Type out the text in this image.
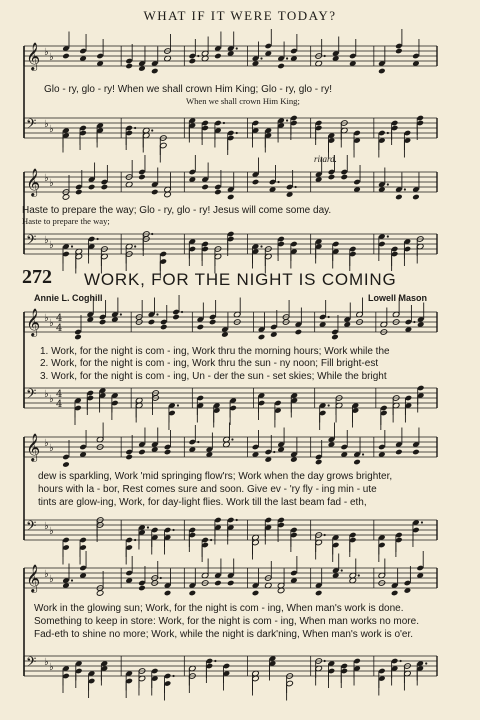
WHAT IF IT WERE TODAY?
𝄞 ♭ ♭
𝄢 ♭ ♭
𝄞 ♭ ♭
𝄢 ♭ ♭
𝄞 ♭ ♭ 4
4
𝄢 ♭ ♭ 4
4
𝄞 ♭ ♭
𝄢 ♭ ♭
𝄞 ♭ ♭
𝄢 ♭ ♭
Glo - ry, glo - ry! When we shall crown Him King; Glo - ry, glo - ry!
When we shall crown Him King;
ritard.
Haste to prepare the way; Glo - ry, glo - ry! Jesus will come some day.
Haste to prepare the way;
272 WORK, FOR THE NIGHT IS COMING
Annie L. Coghill	Lowell Mason
1. Work, for the night is com - ing, Work thru the morning hours; Work while the
2. Work, for the night is com - ing, Work thru the sun - ny noon; Fill bright-est
3. Work, for the night is com - ing, Un - der the sun - set skies; While the bright
dew is sparkling, Work 'mid springing flow'rs; Work when the day grows brighter,
hours with la - bor, Rest comes sure and soon. Give ev - 'ry fly - ing min - ute
tints are glow-ing, Work, for day-light flies. Work till the last beam fad - eth,
Work in the glowing sun; Work, for the night is com - ing, When man's work is done.
Something to keep in store: Work, for the night is com - ing, When man works no more.
Fad-eth to shine no more; Work, while the night is dark'ning, When man's work is o'er.
